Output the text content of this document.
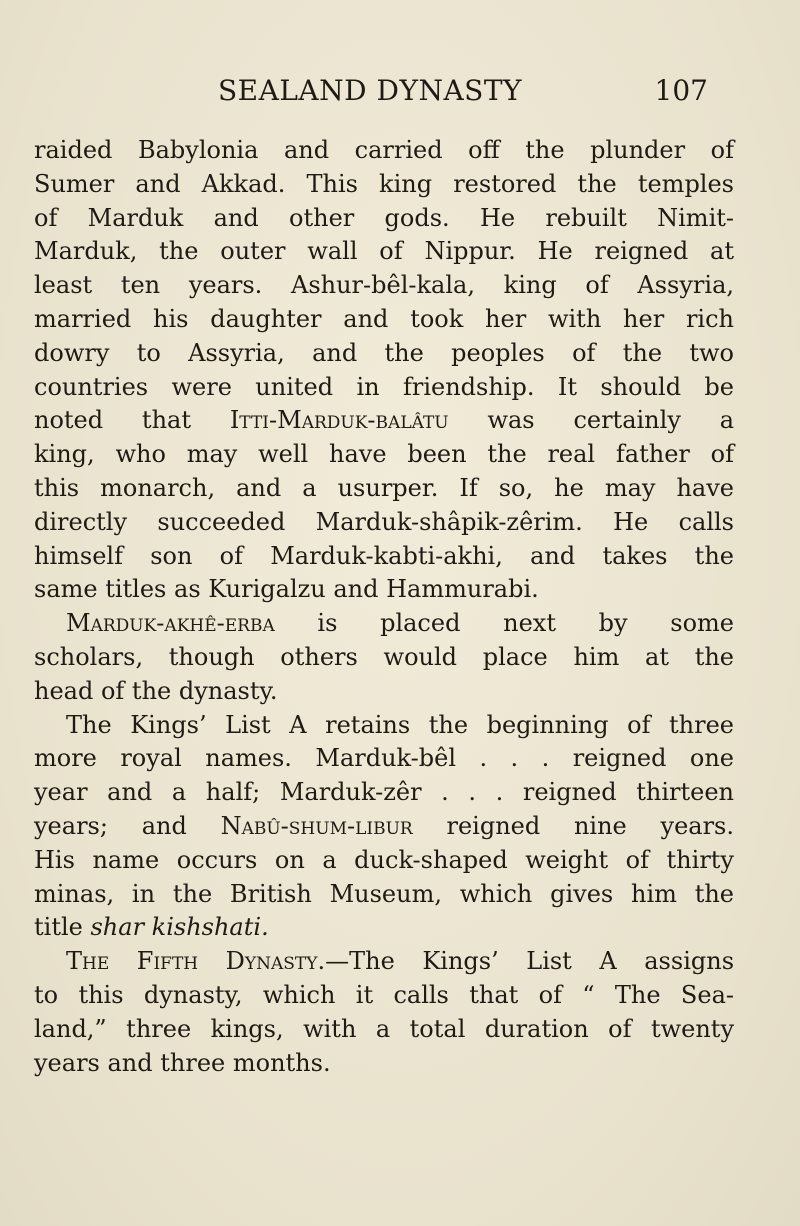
SEALAND DYNASTY	107
raided Babylonia and carried off the plunder of
Sumer and Akkad. This king restored the temples
of Marduk and other gods. He rebuilt Nimit-
Marduk, the outer wall of Nippur. He reigned at
least ten years. Ashur-bêl-kala, king of Assyria,
married his daughter and took her with her rich
dowry to Assyria, and the peoples of the two
countries were united in friendship. It should be
noted that Itti-Marduk-balâtu was certainly a
king, who may well have been the real father of
this monarch, and a usurper. If so, he may have
directly succeeded Marduk-shâpik-zêrim. He calls
himself son of Marduk-kabti-akhi, and takes the
same titles as Kurigalzu and Hammurabi.
Marduk-akhê-erba is placed next by some
scholars, though others would place him at the
head of the dynasty.
The Kings’ List A retains the beginning of three
more royal names. Marduk-bêl . . . reigned one
year and a half; Marduk-zêr . . . reigned thirteen
years; and Nabû-shum-libur reigned nine years.
His name occurs on a duck-shaped weight of thirty
minas, in the British Museum, which gives him the
title shar kishshati.
The Fifth Dynasty.—The Kings’ List A assigns
to this dynasty, which it calls that of “ The Sea-
land,” three kings, with a total duration of twenty
years and three months.
